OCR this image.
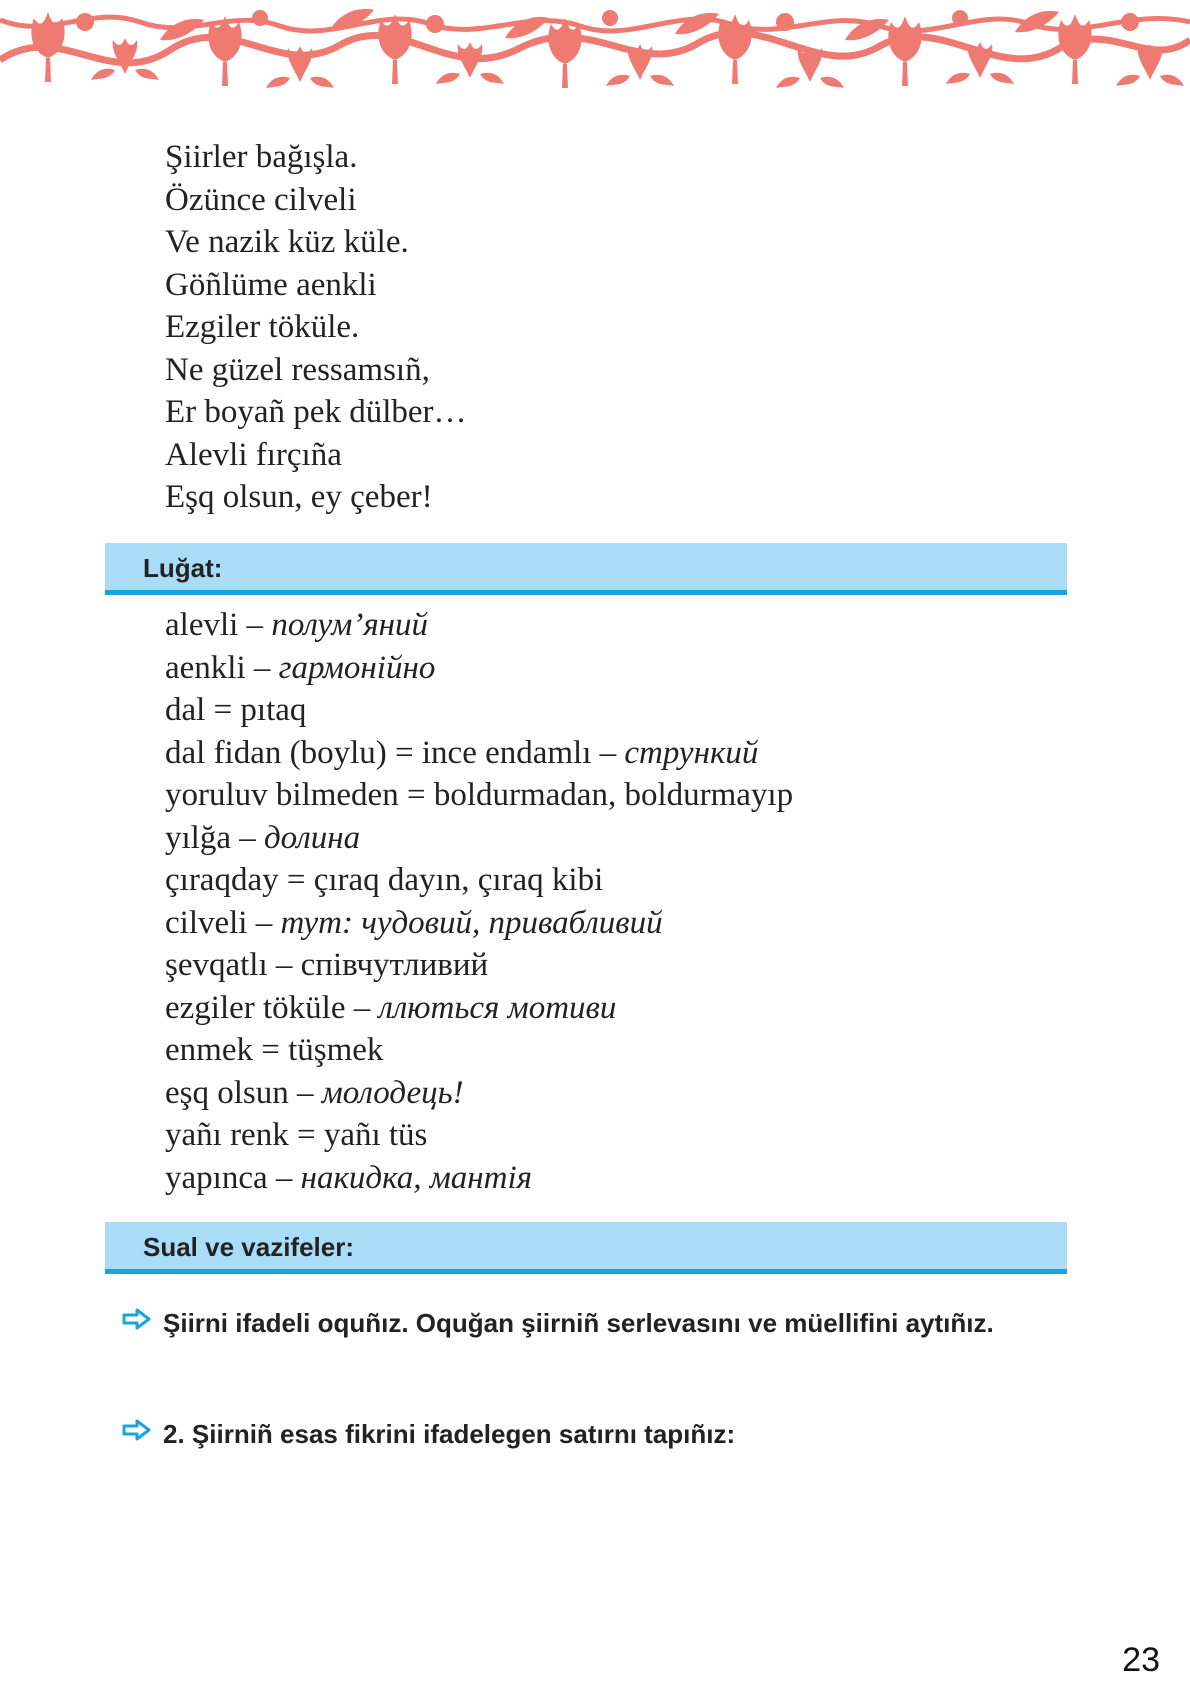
Şiirler bağışla.
Özünce cilveli
Ve nazik küz küle.
Göñlüme aenkli
Ezgiler töküle.
Ne güzel ressamsıñ,
Er boyañ pek dülber…
Alevli fırçıña
Eşq olsun, ey çeber!
Luğat:
alevli – полум’яний
aenkli – гармонійно
dal = pıtaq
dal fidan (boylu) = ince endamlı – стрункий
yoruluv bilmeden = boldurmadan, boldurmayıp
yılğa – долина
çıraqday = çıraq dayın, çıraq kibi
cilveli – тут: чудовий, привабливий
şevqatlı – співчутливий
ezgiler töküle – ллються мотиви
enmek = tüşmek
eşq olsun – молодець!
yañı renk = yañı tüs
yapınca – накидка, мантія
Sual ve vazifeler:
Şiirni ifadeli oquñız. Oquğan şiirniñ serlevasını ve müellifini aytıñız.
2. Şiirniñ esas fikrini ifadelegen satırnı tapıñız:
23
